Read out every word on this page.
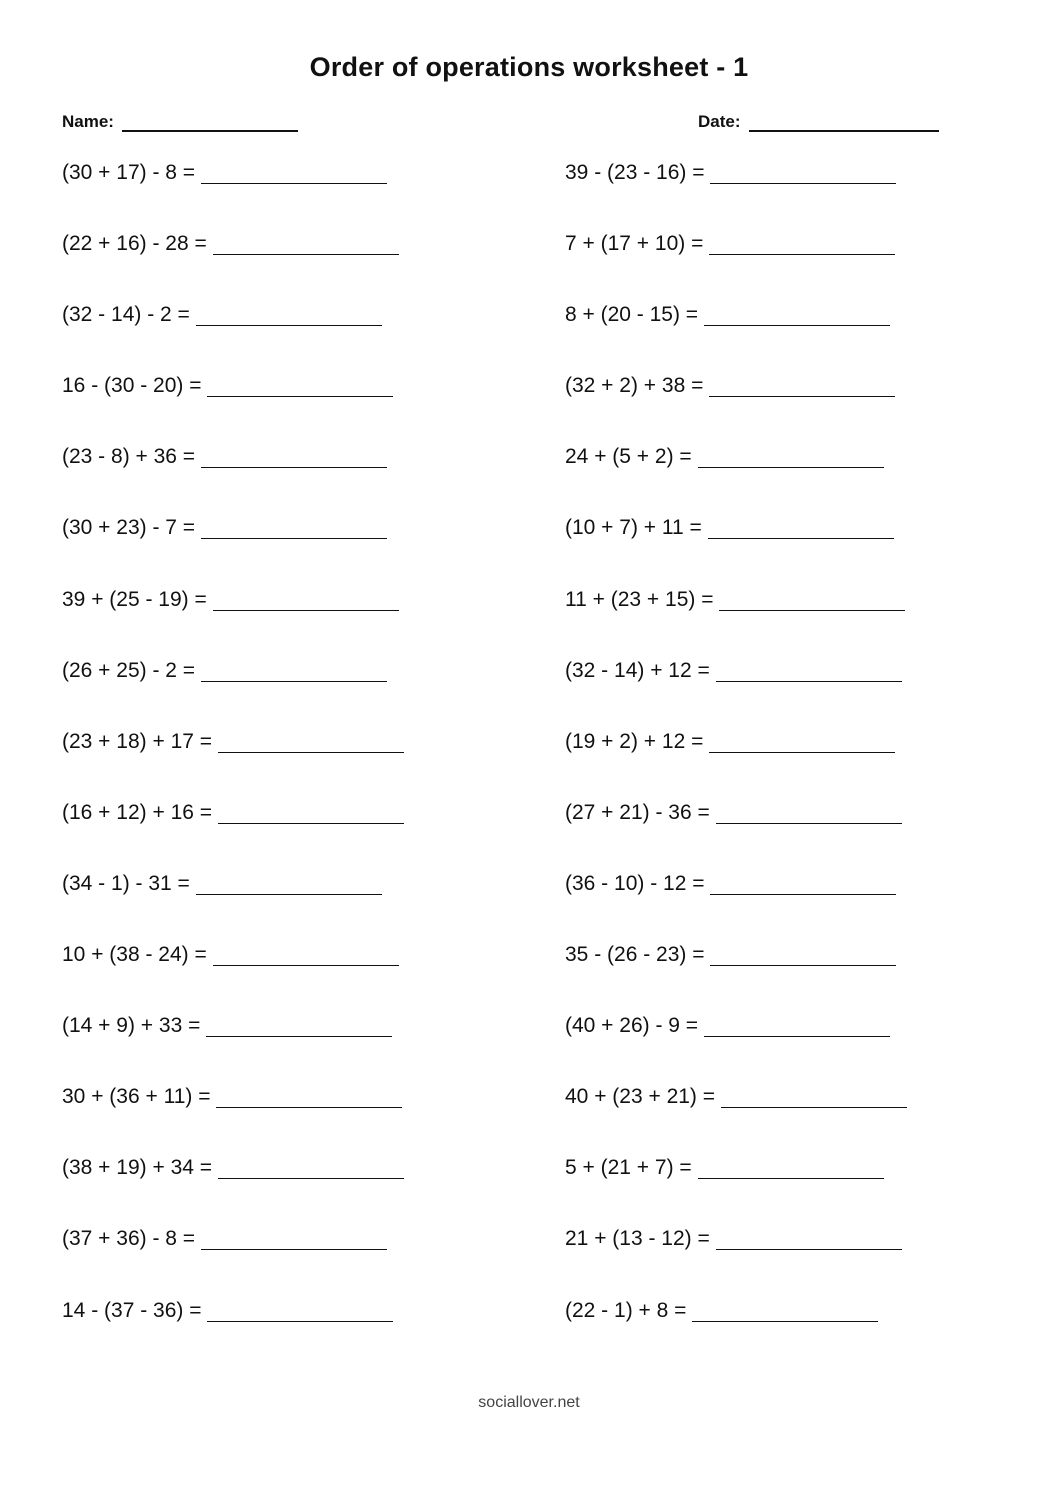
Order of operations worksheet - 1
Name:	Date:
(30 + 17) - 8 =
(22 + 16) - 28 =
(32 - 14) - 2 =
16 - (30 - 20) =
(23 - 8) + 36 =
(30 + 23) - 7 =
39 + (25 - 19) =
(26 + 25) - 2 =
(23 + 18) + 17 =
(16 + 12) + 16 =
(34 - 1) - 31 =
10 + (38 - 24) =
(14 + 9) + 33 =
30 + (36 + 11) =
(38 + 19) + 34 =
(37 + 36) - 8 =
14 - (37 - 36) =
39 - (23 - 16) =
7 + (17 + 10) =
8 + (20 - 15) =
(32 + 2) + 38 =
24 + (5 + 2) =
(10 + 7) + 11 =
11 + (23 + 15) =
(32 - 14) + 12 =
(19 + 2) + 12 =
(27 + 21) - 36 =
(36 - 10) - 12 =
35 - (26 - 23) =
(40 + 26) - 9 =
40 + (23 + 21) =
5 + (21 + 7) =
21 + (13 - 12) =
(22 - 1) + 8 =
sociallover.net
